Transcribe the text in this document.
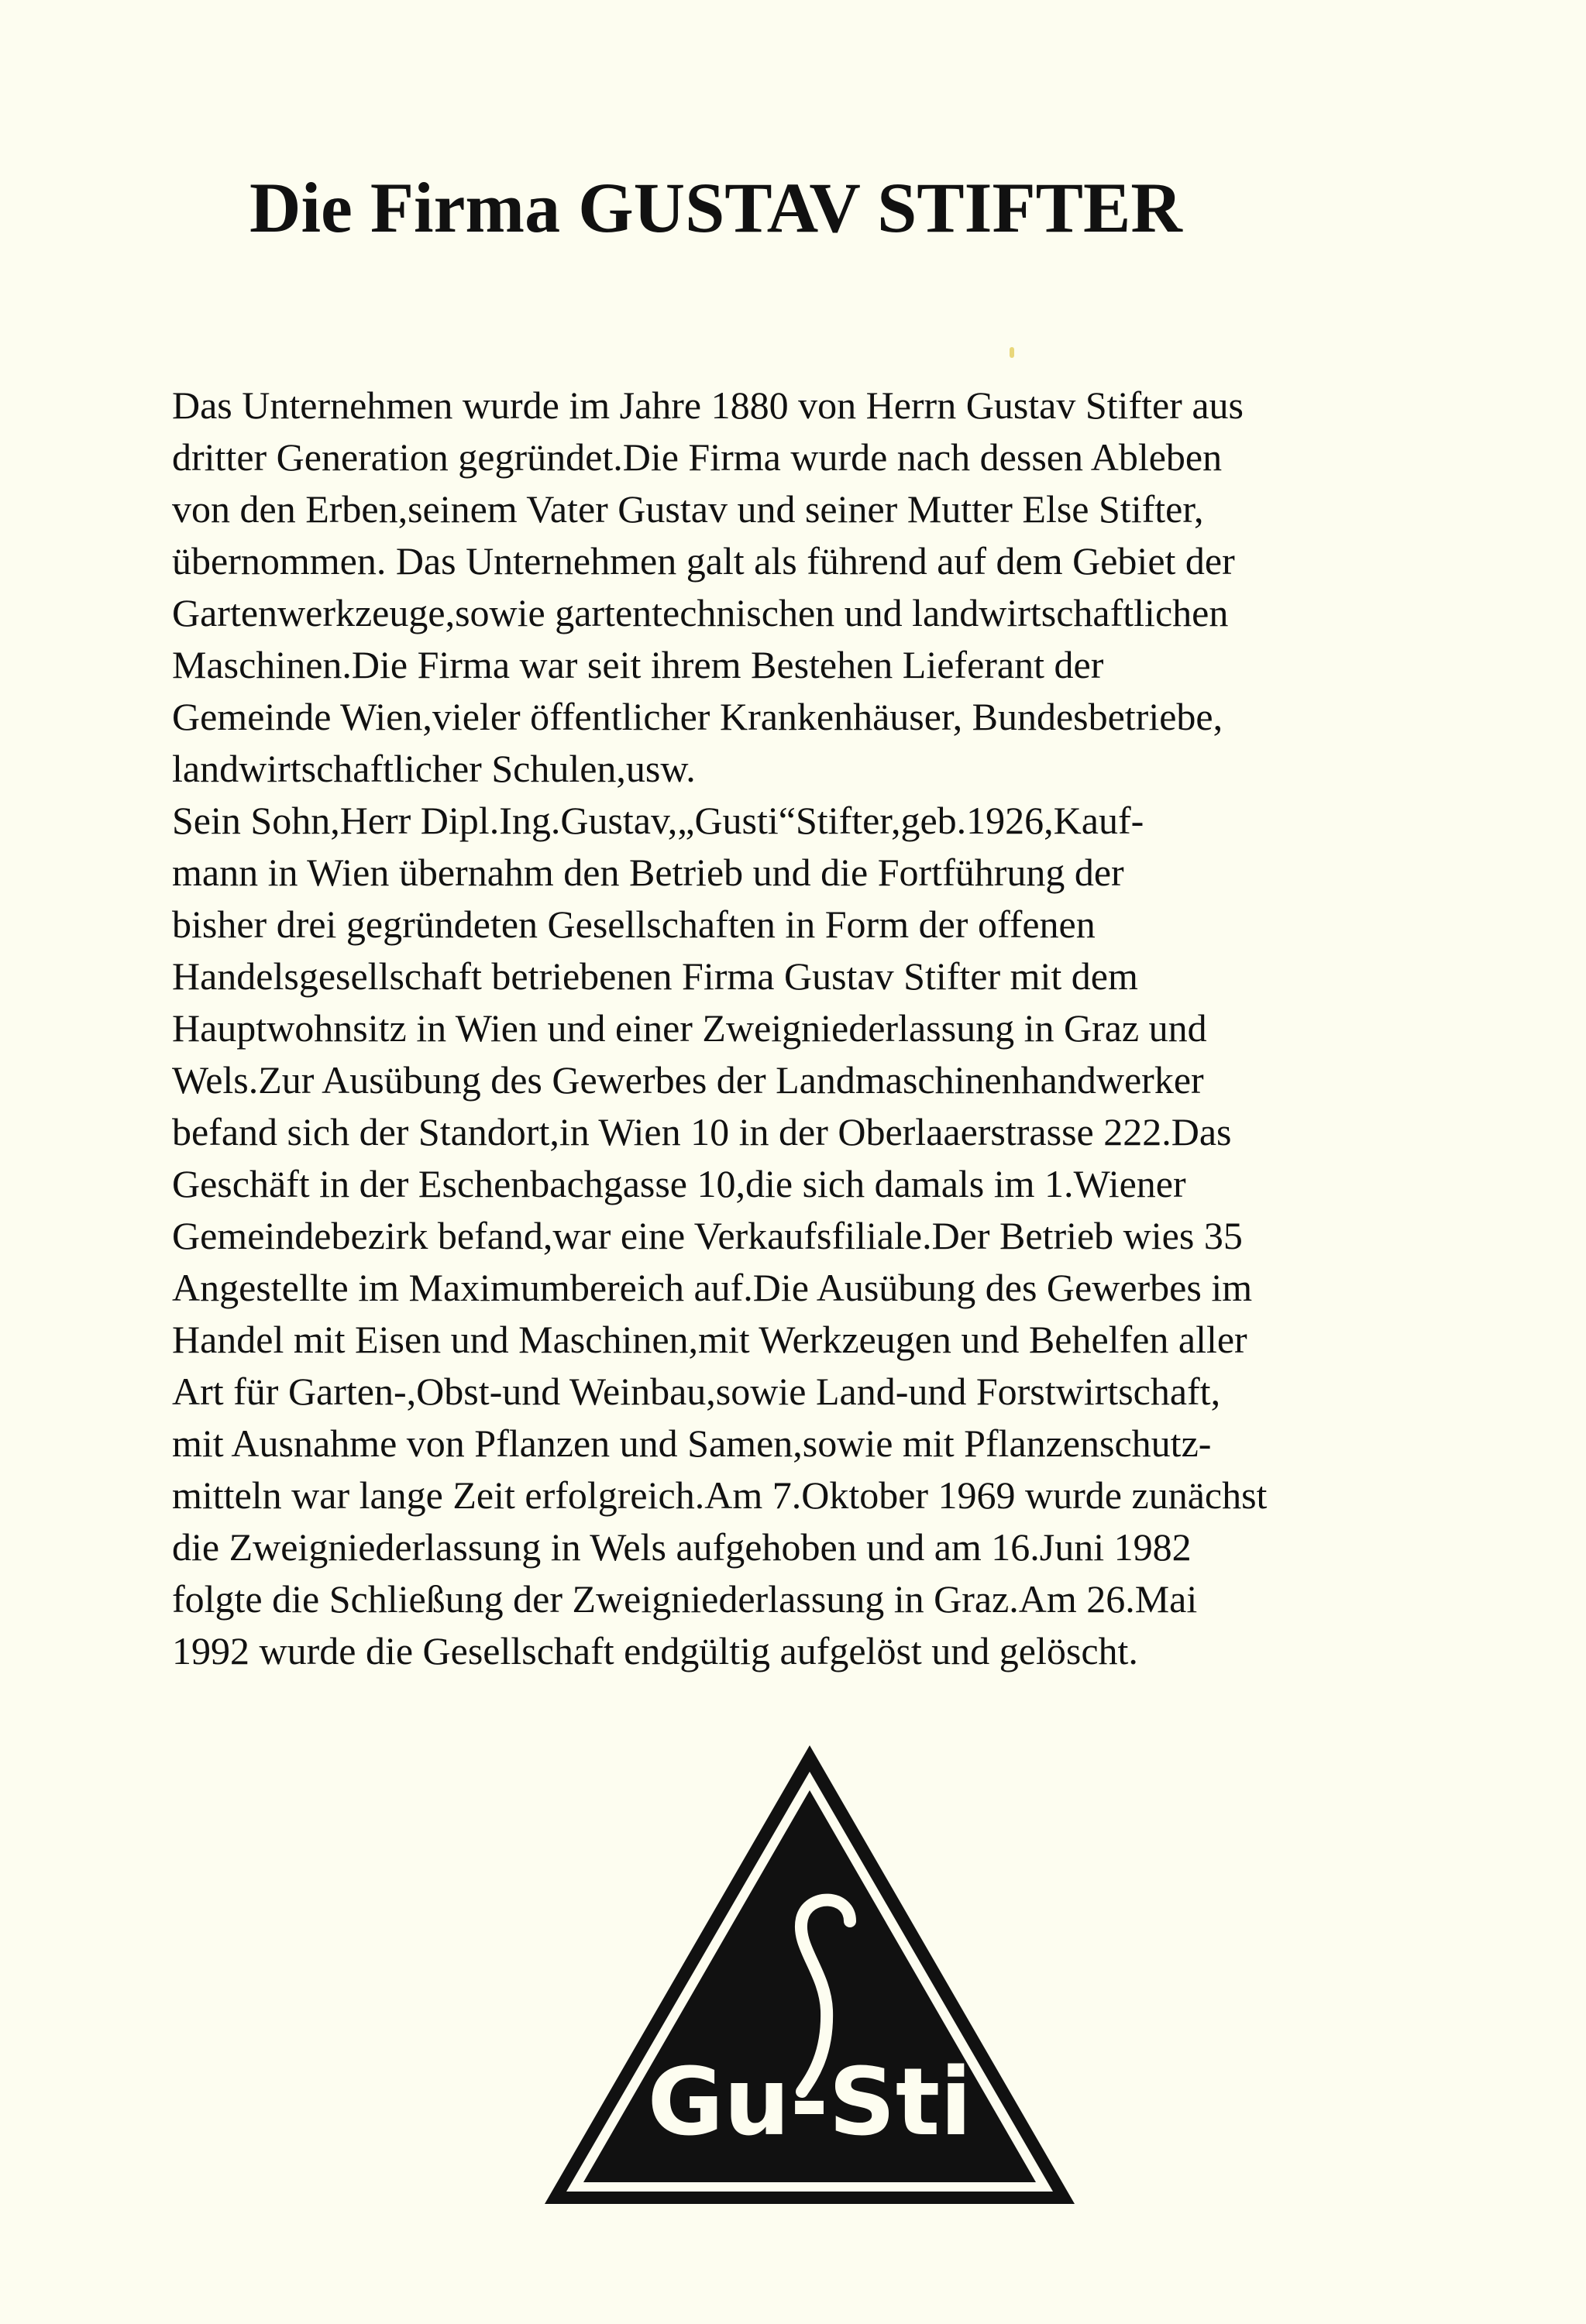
Die Firma GUSTAV STIFTER
Das Unternehmen wurde im Jahre 1880 von Herrn Gustav Stifter aus
dritter Generation gegründet.Die Firma wurde nach dessen Ableben
von den Erben,seinem Vater Gustav und seiner Mutter Else Stifter,
übernommen. Das Unternehmen galt als führend auf dem Gebiet der
Gartenwerkzeuge,sowie gartentechnischen und landwirtschaftlichen
Maschinen.Die Firma war seit ihrem Bestehen Lieferant der
Gemeinde Wien,vieler öffentlicher Krankenhäuser, Bundesbetriebe,
landwirtschaftlicher Schulen,usw.
Sein Sohn,Herr Dipl.Ing.Gustav,„Gusti“Stifter,geb.1926,Kauf-
mann in Wien übernahm den Betrieb und die Fortführung der
bisher drei gegründeten Gesellschaften in Form der offenen
Handelsgesellschaft betriebenen Firma Gustav Stifter mit dem
Hauptwohnsitz in Wien und einer Zweigniederlassung in Graz und
Wels.Zur Ausübung des Gewerbes der Landmaschinenhandwerker
befand sich der Standort,in Wien 10 in der Oberlaaerstrasse 222.Das
Geschäft in der Eschenbachgasse 10,die sich damals im 1.Wiener
Gemeindebezirk befand,war eine Verkaufsfiliale.Der Betrieb wies 35
Angestellte im Maximumbereich auf.Die Ausübung des Gewerbes im
Handel mit Eisen und Maschinen,mit Werkzeugen und Behelfen aller
Art für Garten-,Obst-und Weinbau,sowie Land-und Forstwirtschaft,
mit Ausnahme von Pflanzen und Samen,sowie mit Pflanzenschutz-
mitteln war lange Zeit erfolgreich.Am 7.Oktober 1969 wurde zunächst
die Zweigniederlassung in Wels aufgehoben und am 16.Juni 1982
folgte die Schließung der Zweigniederlassung in Graz.Am 26.Mai
1992 wurde die Gesellschaft endgültig aufgelöst und gelöscht.
Gu-Sti
